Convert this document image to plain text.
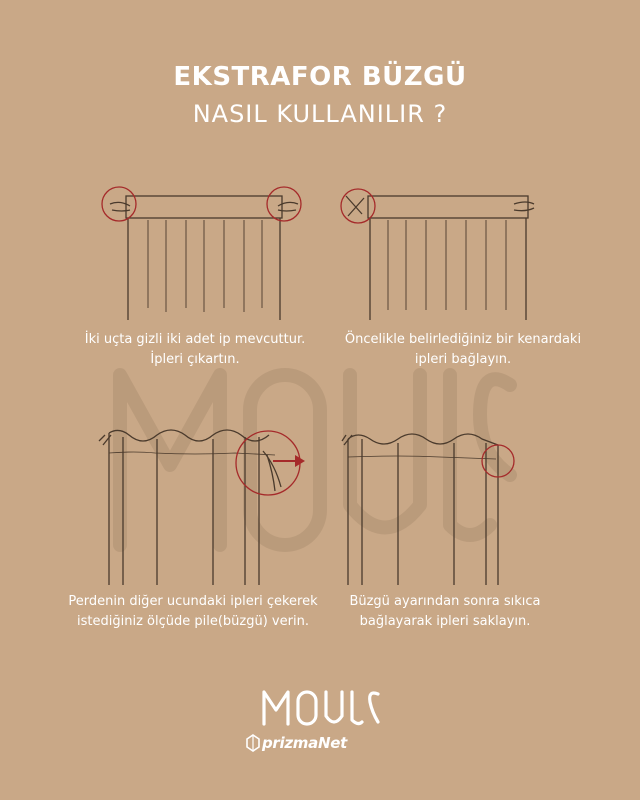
EKSTRAFOR BÜZGÜ
NASIL KULLANILIR ?
İki uçta gizli iki adet ip mevcuttur.
İpleri çıkartın.
Öncelikle belirlediğiniz bir kenardaki
ipleri bağlayın.
Perdenin diğer ucundaki ipleri çekerek
istediğiniz ölçüde pile(büzgü) verin.
Büzgü ayarından sonra sıkıca
bağlayarak ipleri saklayın.
prizmaNet
